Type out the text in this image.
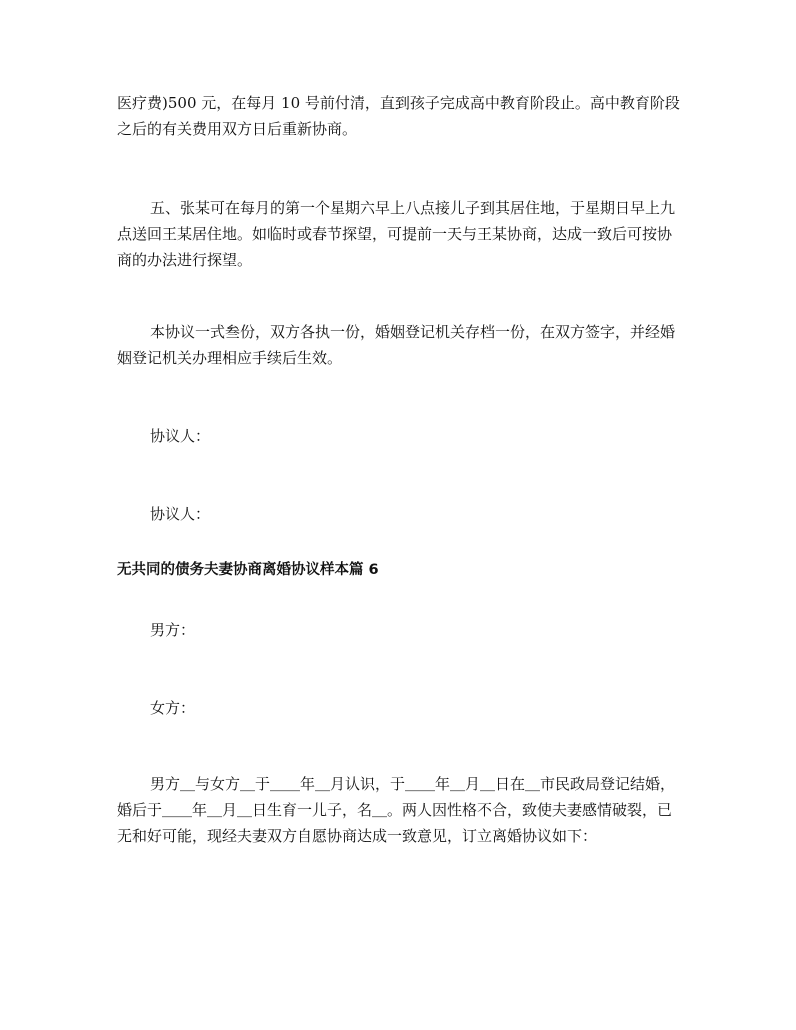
医疗费)500 元，在每月 10 号前付清，直到孩子完成高中教育阶段止。高中教育阶段之后的有关费用双方日后重新协商。

五、张某可在每月的第一个星期六早上八点接儿子到其居住地，于星期日早上九点送回王某居住地。如临时或春节探望，可提前一天与王某协商，达成一致后可按协商的办法进行探望。

本协议一式叁份，双方各执一份，婚姻登记机关存档一份，在双方签字，并经婚姻登记机关办理相应手续后生效。

协议人：

协议人：

无共同的债务夫妻协商离婚协议样本篇 6

男方：

女方：

男方＿与女方＿于＿＿年＿月认识，于＿＿年＿月＿日在＿市民政局登记结婚，婚后于＿＿年＿月＿日生育一儿子，名＿。两人因性格不合，致使夫妻感情破裂，已无和好可能，现经夫妻双方自愿协商达成一致意见，订立离婚协议如下：
